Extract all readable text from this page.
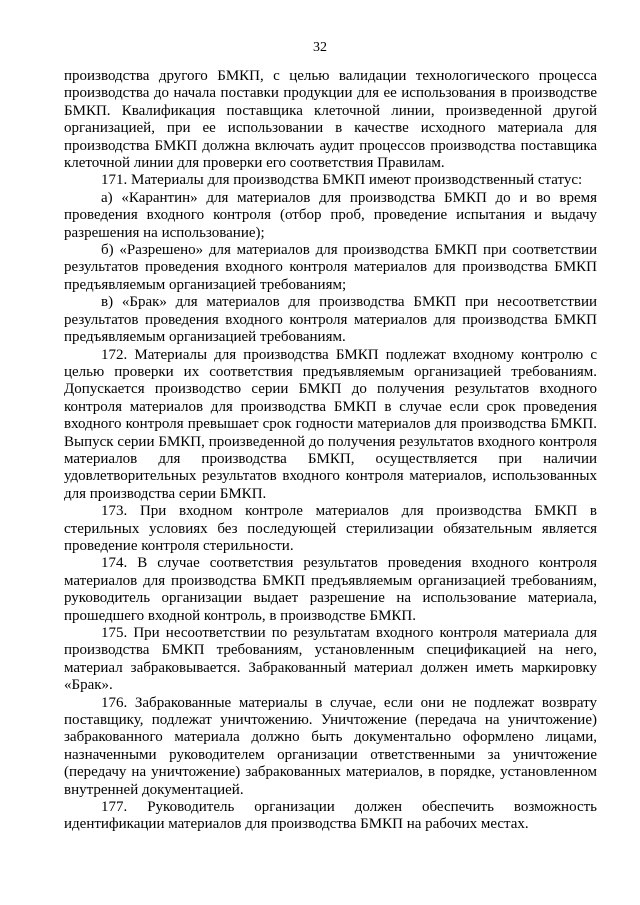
32

производства другого БМКП, с целью валидации технологического процесса производства до начала поставки продукции для ее использования в производстве БМКП. Квалификация поставщика клеточной линии, произведенной другой организацией, при ее использовании в качестве исходного материала для производства БМКП должна включать аудит процессов производства поставщика клеточной линии для проверки его соответствия Правилам.

171. Материалы для производства БМКП имеют производственный статус:

а) «Карантин» для материалов для производства БМКП до и во время проведения входного контроля (отбор проб, проведение испытания и выдачу разрешения на использование);

б) «Разрешено» для материалов для производства БМКП при соответствии результатов проведения входного контроля материалов для производства БМКП предъявляемым организацией требованиям;

в) «Брак» для материалов для производства БМКП при несоответствии результатов проведения входного контроля материалов для производства БМКП предъявляемым организацией требованиям.

172. Материалы для производства БМКП подлежат входному контролю с целью проверки их соответствия предъявляемым организацией требованиям. Допускается производство серии БМКП до получения результатов входного контроля материалов для производства БМКП в случае если срок проведения входного контроля превышает срок годности материалов для производства БМКП. Выпуск серии БМКП, произведенной до получения результатов входного контроля материалов для производства БМКП, осуществляется при наличии удовлетворительных результатов входного контроля материалов, использованных для производства серии БМКП.

173. При входном контроле материалов для производства БМКП в стерильных условиях без последующей стерилизации обязательным является проведение контроля стерильности.

174. В случае соответствия результатов проведения входного контроля материалов для производства БМКП предъявляемым организацией требованиям, руководитель организации выдает разрешение на использование материала, прошедшего входной контроль, в производстве БМКП.

175. При несоответствии по результатам входного контроля материала для производства БМКП требованиям, установленным спецификацией на него, материал забраковывается. Забракованный материал должен иметь маркировку «Брак».

176. Забракованные материалы в случае, если они не подлежат возврату поставщику, подлежат уничтожению. Уничтожение (передача на уничтожение) забракованного материала должно быть документально оформлено лицами, назначенными руководителем организации ответственными за уничтожение (передачу на уничтожение) забракованных материалов, в порядке, установленном внутренней документацией.

177. Руководитель организации должен обеспечить возможность идентификации материалов для производства БМКП на рабочих местах.
